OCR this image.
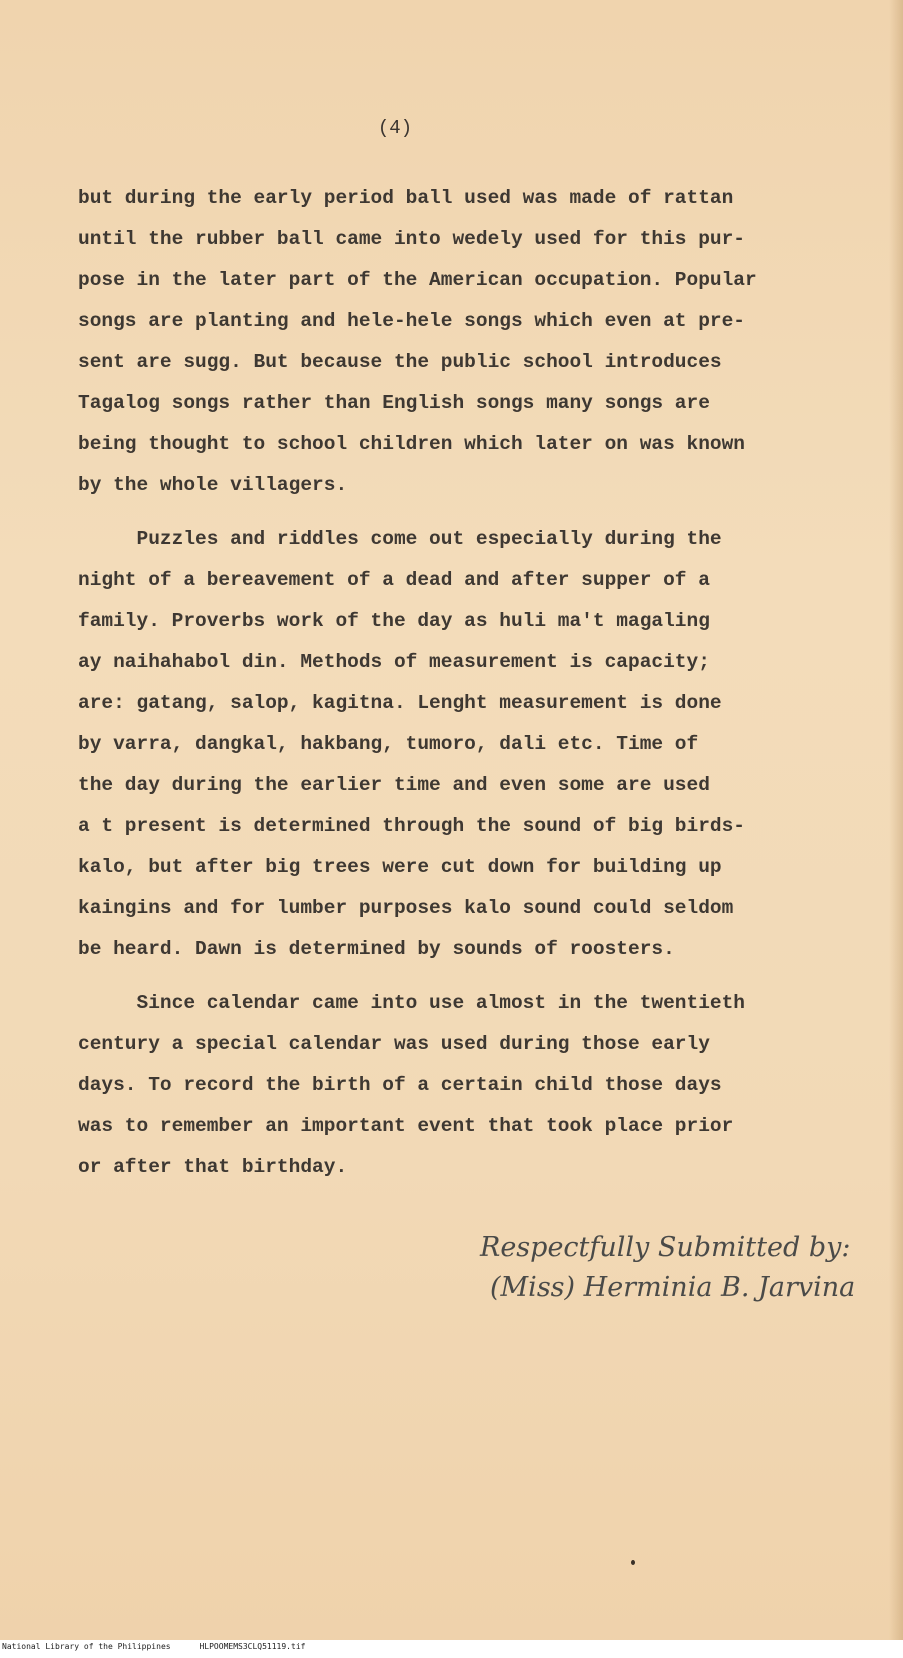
(4)
but during the early period ball used was made of rattan
until the rubber ball came into wedely used for this pur-
pose in the later part of the American occupation. Popular
songs are planting and hele-hele songs which even at pre-
sent are sugg. But because the public school introduces
Tagalog songs rather than English songs many songs are
being thought to school children which later on was known
by the whole villagers.
Puzzles and riddles come out especially during the
night of a bereavement of a dead and after supper of a
family. Proverbs work of the day as huli ma't magaling
ay naihahabol din. Methods of measurement is capacity;
are: gatang, salop, kagitna. Lenght measurement is done
by varra, dangkal, hakbang, tumoro, dali etc. Time of
the day during the earlier time and even some are used
a t present is determined through the sound of big birds-
kalo, but after big trees were cut down for building up
kaingins and for lumber purposes kalo sound could seldom
be heard. Dawn is determined by sounds of roosters.
Since calendar came into use almost in the twentieth
century a special calendar was used during those early
days. To record the birth of a certain child those days
was to remember an important event that took place prior
or after that birthday.
Respectfully Submitted by:
(Miss) Herminia B. Jarvina
National Library of the Philippines	HLPOOMEMS3CLQ51119.tif
